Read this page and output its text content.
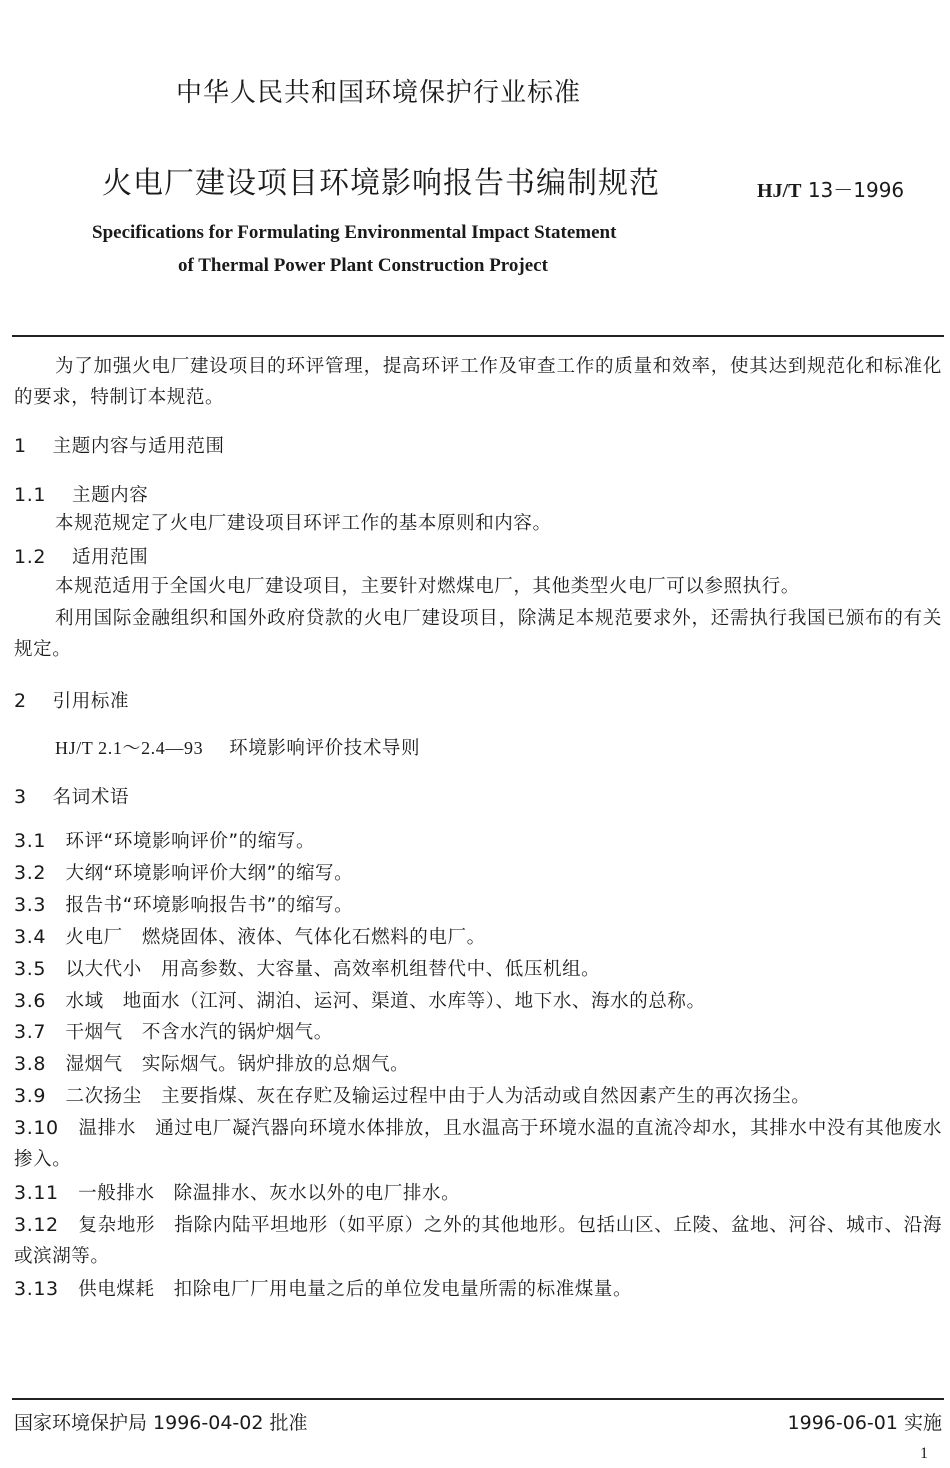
中华人民共和国环境保护行业标准
火电厂建设项目环境影响报告书编制规范	HJ/T 13－1996
Specifications for Formulating Environmental Impact Statement
of Thermal Power Plant Construction Project
为了加强火电厂建设项目的环评管理，提高环评工作及审查工作的质量和效率，使其达到规范化和标准化的要求，特制订本规范。
1 主题内容与适用范围
1.1 主题内容
本规范规定了火电厂建设项目环评工作的基本原则和内容。
1.2 适用范围
本规范适用于全国火电厂建设项目，主要针对燃煤电厂，其他类型火电厂可以参照执行。
利用国际金融组织和国外政府贷款的火电厂建设项目，除满足本规范要求外，还需执行我国已颁布的有关规定。
2 引用标准
HJ/T 2.1～2.4—93 环境影响评价技术导则
3 名词术语
3.1 环评“环境影响评价”的缩写。
3.2 大纲“环境影响评价大纲”的缩写。
3.3 报告书“环境影响报告书”的缩写。
3.4 火电厂　燃烧固体、液体、气体化石燃料的电厂。
3.5 以大代小　用高参数、大容量、高效率机组替代中、低压机组。
3.6 水域　地面水（江河、湖泊、运河、渠道、水库等）、地下水、海水的总称。
3.7 干烟气　不含水汽的锅炉烟气。
3.8 湿烟气　实际烟气。锅炉排放的总烟气。
3.9 二次扬尘　主要指煤、灰在存贮及输运过程中由于人为活动或自然因素产生的再次扬尘。
3.10 温排水　通过电厂凝汽器向环境水体排放，且水温高于环境水温的直流冷却水，其排水中没有其他废水掺入。
3.11 一般排水　除温排水、灰水以外的电厂排水。
3.12 复杂地形　指除内陆平坦地形（如平原）之外的其他地形。包括山区、丘陵、盆地、河谷、城市、沿海或滨湖等。
3.13 供电煤耗　扣除电厂厂用电量之后的单位发电量所需的标准煤量。
国家环境保护局 1996-04-02 批准	1996-06-01 实施
1
